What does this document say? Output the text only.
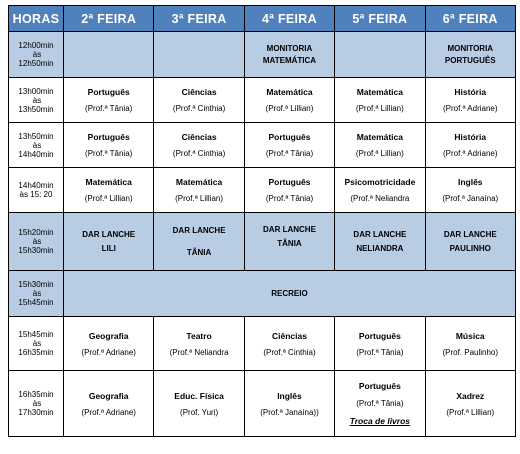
HORAS	2ª FEIRA	3ª FEIRA	4ª FEIRA	5ª FEIRA	6ª FEIRA

12h00min
às
12h50min			MONITORIA MATEMÁTICA		MONITORIA PORTUGUÊS

13h00min
às
13h50min	Português
(Prof.ª Tânia)	Ciências
(Prof.ª Cinthia)	Matemática
(Prof.ª Lillian)	Matemática
(Prof.ª Lillian)	História
(Prof.ª Adriane)

13h50min
às
14h40min	Português
(Prof.ª Tânia)	Ciências
(Prof.ª Cinthia)	Português
(Prof.ª Tânia)	Matemática
(Prof.ª Lillian)	História
(Prof.ª Adriane)

14h40min
às 15: 20	Matemática
(Prof.ª Lillian)	Matemática
(Prof.ª Lillian)	Português
(Prof.ª Tânia)	Psicomotricidade
(Prof.ª Neliandra	Inglês
(Prof.ª Janaína)

15h20min
às
15h30min	DAR LANCHE
LILI	DAR LANCHE
TÂNIA	DAR LANCHE
TÂNIA	DAR LANCHE
NELIANDRA	DAR LANCHE
PAULINHO

15h30min
às
15h45min	RECREIO				

15h45min
às
16h35min	Geografia
(Prof.ª Adriane)	Teatro
(Prof.ª Neliandra	Ciências
(Prof.ª Cinthia)	Português
(Prof.ª Tânia)	Música
(Prof. Paulinho)

16h35min
às
17h30min	Geografia
(Prof.ª Adriane)	Educ. Física
(Prof. Yuri)	Inglês
(Prof.ª Janaína))	Português
(Prof.ª Tânia)
Troca de livros	Xadrez
(Prof.ª Lillian)
